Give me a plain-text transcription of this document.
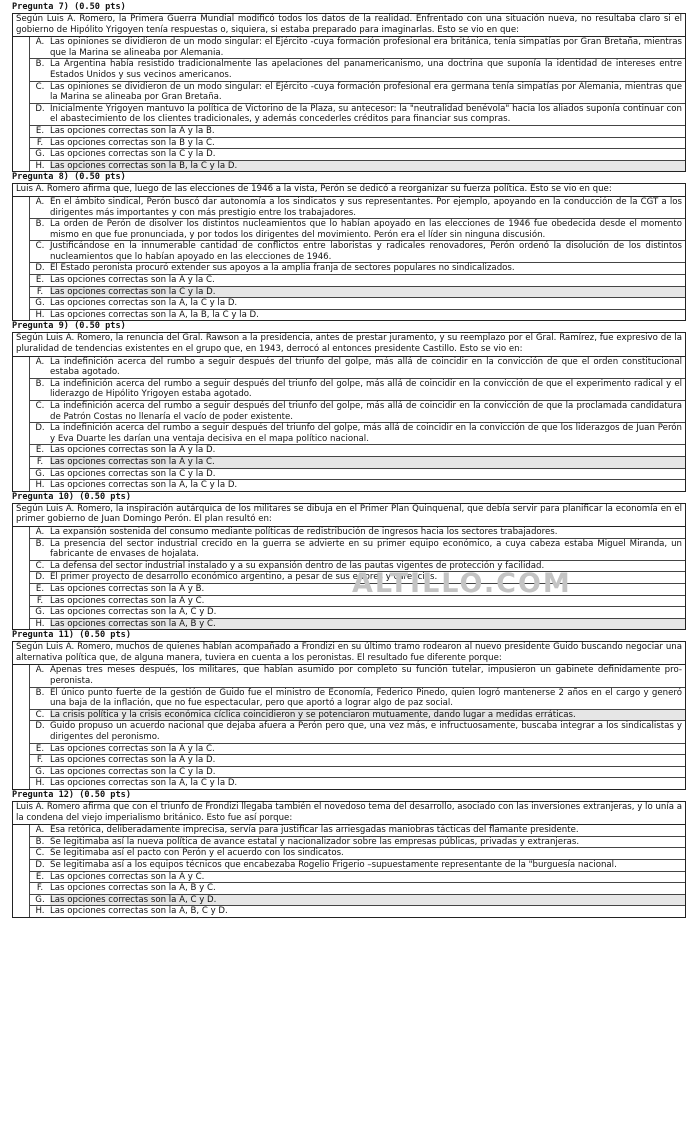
Pregunta 7) (0.50 pts)
Según Luis A. Romero, la Primera Guerra Mundial modificó todos los datos de la realidad. Enfrentado con una situación nueva, no resultaba claro si el gobierno de Hipólito Yrigoyen tenía respuestas o, siquiera, si estaba preparado para imaginarlas. Esto se vio en que:
A. Las opiniones se dividieron de un modo singular: el Ejército -cuya formación profesional era británica, tenía simpatías por Gran Bretaña, mientras que la Marina se alineaba por Alemania.
B. La Argentina había resistido tradicionalmente las apelaciones del panamericanismo, una doctrina que suponía la identidad de intereses entre Estados Unidos y sus vecinos americanos.
C. Las opiniones se dividieron de un modo singular: el Ejército -cuya formación profesional era germana tenía simpatías por Alemania, mientras que la Marina se alineaba por Gran Bretaña.
D. Inicialmente Yrigoyen mantuvo la política de Victorino de la Plaza, su antecesor: la "neutralidad benévola" hacia los aliados suponía continuar con el abastecimiento de los clientes tradicionales, y además concederles créditos para financiar sus compras.
E. Las opciones correctas son la A y la B.
F. Las opciones correctas son la B y la C.
G. Las opciones correctas son la C y la D.
H. Las opciones correctas son la B, la C y la D.
Pregunta 8) (0.50 pts)
Luis A. Romero afirma que, luego de las elecciones de 1946 a la vista, Perón se dedicó a reorganizar su fuerza política. Esto se vio en que:
A. En el ámbito sindical, Perón buscó dar autonomía a los sindicatos y sus representantes. Por ejemplo, apoyando en la conducción de la CGT a los dirigentes más importantes y con más prestigio entre los trabajadores.
B. La orden de Perón de disolver los distintos nucleamientos que lo habían apoyado en las elecciones de 1946 fue obedecida desde el momento mismo en que fue pronunciada, y por todos los dirigentes del movimiento. Perón era el líder sin ninguna discusión.
C. Justificándose en la innumerable cantidad de conflictos entre laboristas y radicales renovadores, Perón ordenó la disolución de los distintos nucleamientos que lo habían apoyado en las elecciones de 1946.
D. El Estado peronista procuró extender sus apoyos a la amplia franja de sectores populares no sindicalizados.
E. Las opciones correctas son la A y la C.
F. Las opciones correctas son la C y la D.
G. Las opciones correctas son la A, la C y la D.
H. Las opciones correctas son la A, la B, la C y la D.
Pregunta 9) (0.50 pts)
Según Luis A. Romero, la renuncia del Gral. Rawson a la presidencia, antes de prestar juramento, y su reemplazo por el Gral. Ramírez, fue expresivo de la pluralidad de tendencias existentes en el grupo que, en 1943, derrocó al entonces presidente Castillo. Esto se vio en:
A. La indefinición acerca del rumbo a seguir después del triunfo del golpe, más allá de coincidir en la convicción de que el orden constitucional estaba agotado.
B. La indefinición acerca del rumbo a seguir después del triunfo del golpe, más allá de coincidir en la convicción de que el experimento radical y el liderazgo de Hipólito Yrigoyen estaba agotado.
C. La indefinición acerca del rumbo a seguir después del triunfo del golpe, más allá de coincidir en la convicción de que la proclamada candidatura de Patrón Costas no llenaría el vacío de poder existente.
D. La indefinición acerca del rumbo a seguir después del triunfo del golpe, más allá de coincidir en la convicción de que los liderazgos de Juan Perón y Eva Duarte les darían una ventaja decisiva en el mapa político nacional.
E. Las opciones correctas son la A y la D.
F. Las opciones correctas son la A y la C.
G. Las opciones correctas son la C y la D.
H. Las opciones correctas son la A, la C y la D.
Pregunta 10) (0.50 pts)
Según Luis A. Romero, la inspiración autárquica de los militares se dibuja en el Primer Plan Quinquenal, que debía servir para planificar la economía en el primer gobierno de Juan Domingo Perón. El plan resultó en:
A. La expansión sostenida del consumo mediante políticas de redistribución de ingresos hacia los sectores trabajadores.
B. La presencia del sector industrial crecido en la guerra se advierte en su primer equipo económico, a cuya cabeza estaba Miguel Miranda, un fabricante de envases de hojalata.
C. La defensa del sector industrial instalado y a su expansión dentro de las pautas vigentes de protección y facilidad.
D. El primer proyecto de desarrollo económico argentino, a pesar de sus errores y carencias.
E. Las opciones correctas son la A y B.
F. Las opciones correctas son la A y C.
G. Las opciones correctas son la A, C y D.
H. Las opciones correctas son la A, B y C.
Pregunta 11) (0.50 pts)
Según Luis A. Romero, muchos de quienes habían acompañado a Frondizi en su último tramo rodearon al nuevo presidente Guido buscando negociar una alternativa política que, de alguna manera, tuviera en cuenta a los peronistas. El resultado fue diferente porque:
A. Apenas tres meses después, los militares, que habían asumido por completo su función tutelar, impusieron un gabinete definidamente pro-peronista.
B. El único punto fuerte de la gestión de Guido fue el ministro de Economía, Federico Pinedo, quien logró mantenerse 2 años en el cargo y generó una baja de la inflación, que no fue espectacular, pero que aportó a lograr algo de paz social.
C. La crisis política y la crisis económica cíclica coincidieron y se potenciaron mutuamente, dando lugar a medidas erráticas.
D. Guido propuso un acuerdo nacional que dejaba afuera a Perón pero que, una vez más, e infructuosamente, buscaba integrar a los sindicalistas y dirigentes del peronismo.
E. Las opciones correctas son la A y la C.
F. Las opciones correctas son la A y la D.
G. Las opciones correctas son la C y la D.
H. Las opciones correctas son la A, la C y la D.
Pregunta 12) (0.50 pts)
Luis A. Romero afirma que con el triunfo de Frondizi llegaba también el novedoso tema del desarrollo, asociado con las inversiones extranjeras, y lo unía a la condena del viejo imperialismo británico. Esto fue así porque:
A. Esa retórica, deliberadamente imprecisa, servía para justificar las arriesgadas maniobras tácticas del flamante presidente.
B. Se legitimaba así la nueva política de avance estatal y nacionalizador sobre las empresas públicas, privadas y extranjeras.
C. Se legitimaba así el pacto con Perón y el acuerdo con los sindicatos.
D. Se legitimaba así a los equipos técnicos que encabezaba Rogelio Frigerio –supuestamente representante de la "burguesía nacional.
E. Las opciones correctas son la A y C.
F. Las opciones correctas son la A, B y C.
G. Las opciones correctas son la A, C y D.
H. Las opciones correctas son la A, B, C y D.
ALTILLO.COM
